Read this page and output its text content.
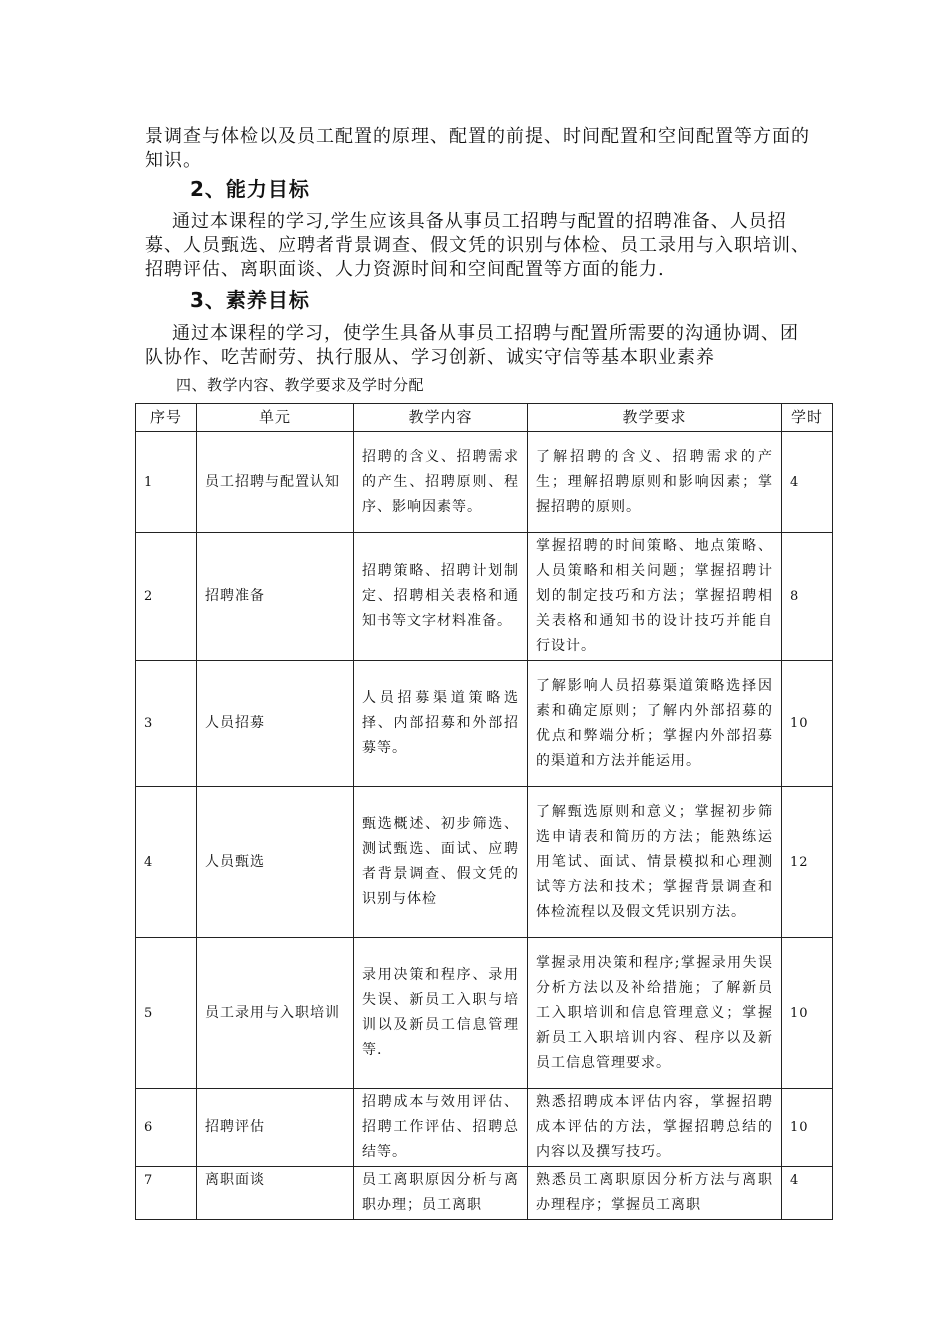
景调查与体检以及员工配置的原理、配置的前提、时间配置和空间配置等方面的知识。

2、能力目标

通过本课程的学习,学生应该具备从事员工招聘与配置的招聘准备、人员招募、人员甄选、应聘者背景调查、假文凭的识别与体检、员工录用与入职培训、招聘评估、离职面谈、人力资源时间和空间配置等方面的能力.

3、素养目标

通过本课程的学习，使学生具备从事员工招聘与配置所需要的沟通协调、团队协作、吃苦耐劳、执行服从、学习创新、诚实守信等基本职业素养

四、教学内容、教学要求及学时分配

序号	单元	教学内容	教学要求	学时
1	员工招聘与配置认知	招聘的含义、招聘需求的产生、招聘原则、程序、影响因素等。	了解招聘的含义、招聘需求的产生；理解招聘原则和影响因素；掌握招聘的原则。	4
2	招聘准备	招聘策略、招聘计划制定、招聘相关表格和通知书等文字材料准备。	掌握招聘的时间策略、地点策略、人员策略和相关问题；掌握招聘计划的制定技巧和方法；掌握招聘相关表格和通知书的设计技巧并能自行设计。	8
3	人员招募	人员招募渠道策略选择、内部招募和外部招募等。	了解影响人员招募渠道策略选择因素和确定原则；了解内外部招募的优点和弊端分析；掌握内外部招募的渠道和方法并能运用。	10
4	人员甄选	甄选概述、初步筛选、测试甄选、面试、应聘者背景调查、假文凭的识别与体检	了解甄选原则和意义；掌握初步筛选申请表和简历的方法；能熟练运用笔试、面试、情景模拟和心理测试等方法和技术；掌握背景调查和体检流程以及假文凭识别方法。	12
5	员工录用与入职培训	录用决策和程序、录用失误、新员工入职与培训以及新员工信息管理等.	掌握录用决策和程序;掌握录用失误分析方法以及补给措施；了解新员工入职培训和信息管理意义；掌握新员工入职培训内容、程序以及新员工信息管理要求。	10
6	招聘评估	招聘成本与效用评估、招聘工作评估、招聘总结等。	熟悉招聘成本评估内容，掌握招聘成本评估的方法，掌握招聘总结的内容以及撰写技巧。	10
7	离职面谈	员工离职原因分析与离职办理；员工离职	熟悉员工离职原因分析方法与离职办理程序；掌握员工离职	4
